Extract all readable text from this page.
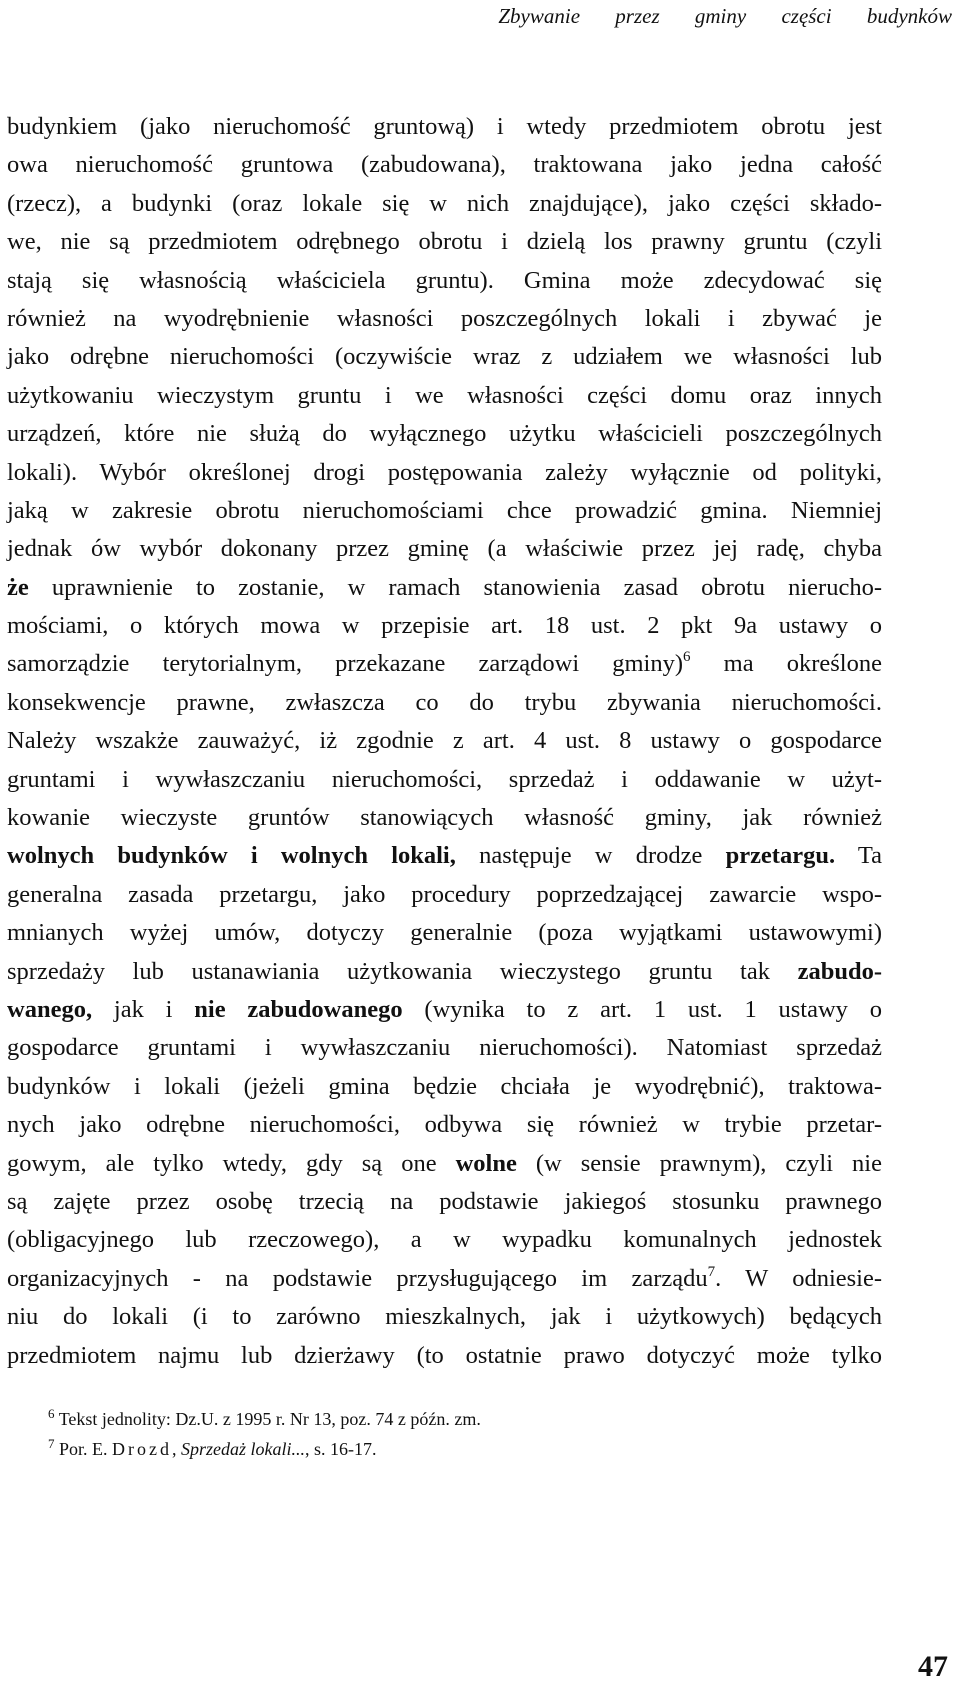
Zbywanie przez gminy części budynków
budynkiem (jako nieruchomość gruntową) i wtedy przedmiotem obrotu jest
owa nieruchomość gruntowa (zabudowana), traktowana jako jedna całość
(rzecz), a budynki (oraz lokale się w nich znajdujące), jako części składo-
we, nie są przedmiotem odrębnego obrotu i dzielą los prawny gruntu (czyli
stają się własnością właściciela gruntu). Gmina może zdecydować się
również na wyodrębnienie własności poszczególnych lokali i zbywać je
jako odrębne nieruchomości (oczywiście wraz z udziałem we własności lub
użytkowaniu wieczystym gruntu i we własności części domu oraz innych
urządzeń, które nie służą do wyłącznego użytku właścicieli poszczególnych
lokali). Wybór określonej drogi postępowania zależy wyłącznie od polityki,
jaką w zakresie obrotu nieruchomościami chce prowadzić gmina. Niemniej
jednak ów wybór dokonany przez gminę (a właściwie przez jej radę, chyba
że uprawnienie to zostanie, w ramach stanowienia zasad obrotu nierucho-
mościami, o których mowa w przepisie art. 18 ust. 2 pkt 9a ustawy o
samorządzie terytorialnym, przekazane zarządowi gminy)$^6$ ma określone
konsekwencje prawne, zwłaszcza co do trybu zbywania nieruchomości.
Należy wszakże zauważyć, iż zgodnie z art. 4 ust. 8 ustawy o gospodarce
gruntami i wywłaszczaniu nieruchomości, sprzedaż i oddawanie w użyt-
kowanie wieczyste gruntów stanowiących własność gminy, jak również
wolnych budynków i wolnych lokali, następuje w drodze przetargu. Ta
generalna zasada przetargu, jako procedury poprzedzającej zawarcie wspo-
mnianych wyżej umów, dotyczy generalnie (poza wyjątkami ustawowymi)
sprzedaży lub ustanawiania użytkowania wieczystego gruntu tak zabudo-
wanego, jak i nie zabudowanego (wynika to z art. 1 ust. 1 ustawy o
gospodarce gruntami i wywłaszczaniu nieruchomości). Natomiast sprzedaż
budynków i lokali (jeżeli gmina będzie chciała je wyodrębnić), traktowa-
nych jako odrębne nieruchomości, odbywa się również w trybie przetar-
gowym, ale tylko wtedy, gdy są one wolne (w sensie prawnym), czyli nie
są zajęte przez osobę trzecią na podstawie jakiegoś stosunku prawnego
(obligacyjnego lub rzeczowego), a w wypadku komunalnych jednostek
organizacyjnych - na podstawie przysługującego im zarządu$^7$. W odniesie-
niu do lokali (i to zarówno mieszkalnych, jak i użytkowych) będących
przedmiotem najmu lub dzierżawy (to ostatnie prawo dotyczyć może tylko
$^6$ Tekst jednolity: Dz.U. z 1995 r. Nr 13, poz. 74 z późn. zm.
$^7$ Por. E. Drozd, Sprzedaż lokali..., s. 16-17.
47
